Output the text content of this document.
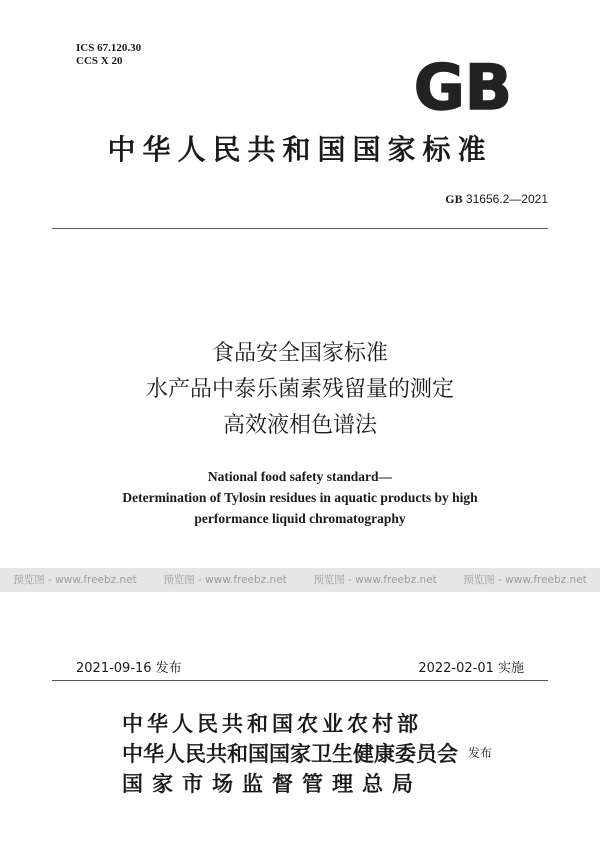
ICS 67.120.30
CCS X 20	GB
中华人民共和国国家标准
GB 31656.2—2021
食品安全国家标准
水产品中泰乐菌素残留量的测定
高效液相色谱法
National food safety standard—
Determination of Tylosin residues in aquatic products by high
performance liquid chromatography
预览图 - www.freebz.net	预览图 - www.freebz.net	预览图 - www.freebz.net	预览图 - www.freebz.net
2021-09-16 发布	2022-02-01 实施
中华人民共和国农业农村部
中华人民共和国国家卫生健康委员会
国家市场监督管理总局
发布
